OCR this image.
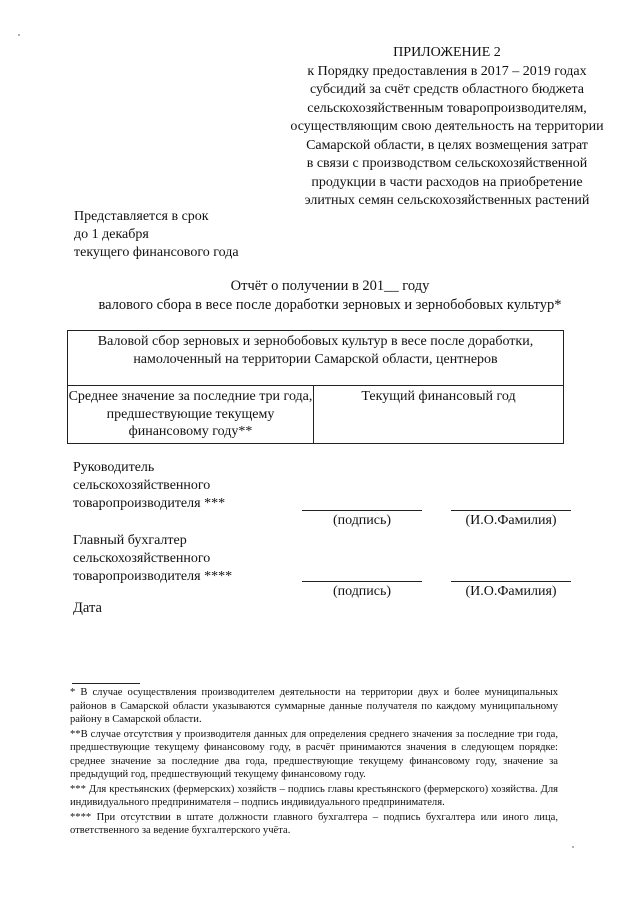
ПРИЛОЖЕНИЕ 2
к Порядку предоставления в 2017 – 2019 годах
субсидий за счёт средств областного бюджета
сельскохозяйственным товаропроизводителям,
осуществляющим свою деятельность на территории
Самарской области, в целях возмещения затрат
в связи с производством сельскохозяйственной
продукции в части расходов на приобретение
элитных семян сельскохозяйственных растений
Представляется в срок
до 1 декабря
текущего финансового года
Отчёт о получении в 201__ году
валового сбора в весе после доработки зерновых и зернобобовых культур*
Валовой сбор зерновых и зернобобовых культур в весе после доработки, намолоченный на территории Самарской области, центнеров
Среднее значение за последние три года, предшествующие текущему финансовому году**	Текущий финансовый год
Руководитель
сельскохозяйственного
товаропроизводителя ***
(подпись)	(И.О.Фамилия)
Главный бухгалтер
сельскохозяйственного
товаропроизводителя ****
(подпись)	(И.О.Фамилия)
Дата

* В случае осуществления производителем деятельности на территории двух и более муниципальных районов в Самарской области указываются суммарные данные получателя по каждому муниципальному району в Самарской области.

**В случае отсутствия у производителя данных для определения среднего значения за последние три года, предшествующие текущему финансовому году, в расчёт принимаются значения в следующем порядке: среднее значение за последние два года, предшествующие текущему финансовому году, значение за предыдущий год, предшествующий текущему финансовому году.

*** Для крестьянских (фермерских) хозяйств – подпись главы крестьянского (фермерского) хозяйства. Для индивидуального предпринимателя – подпись индивидуального предпринимателя.

**** При отсутствии в штате должности главного бухгалтера – подпись бухгалтера или иного лица, ответственного за ведение бухгалтерского учёта.
